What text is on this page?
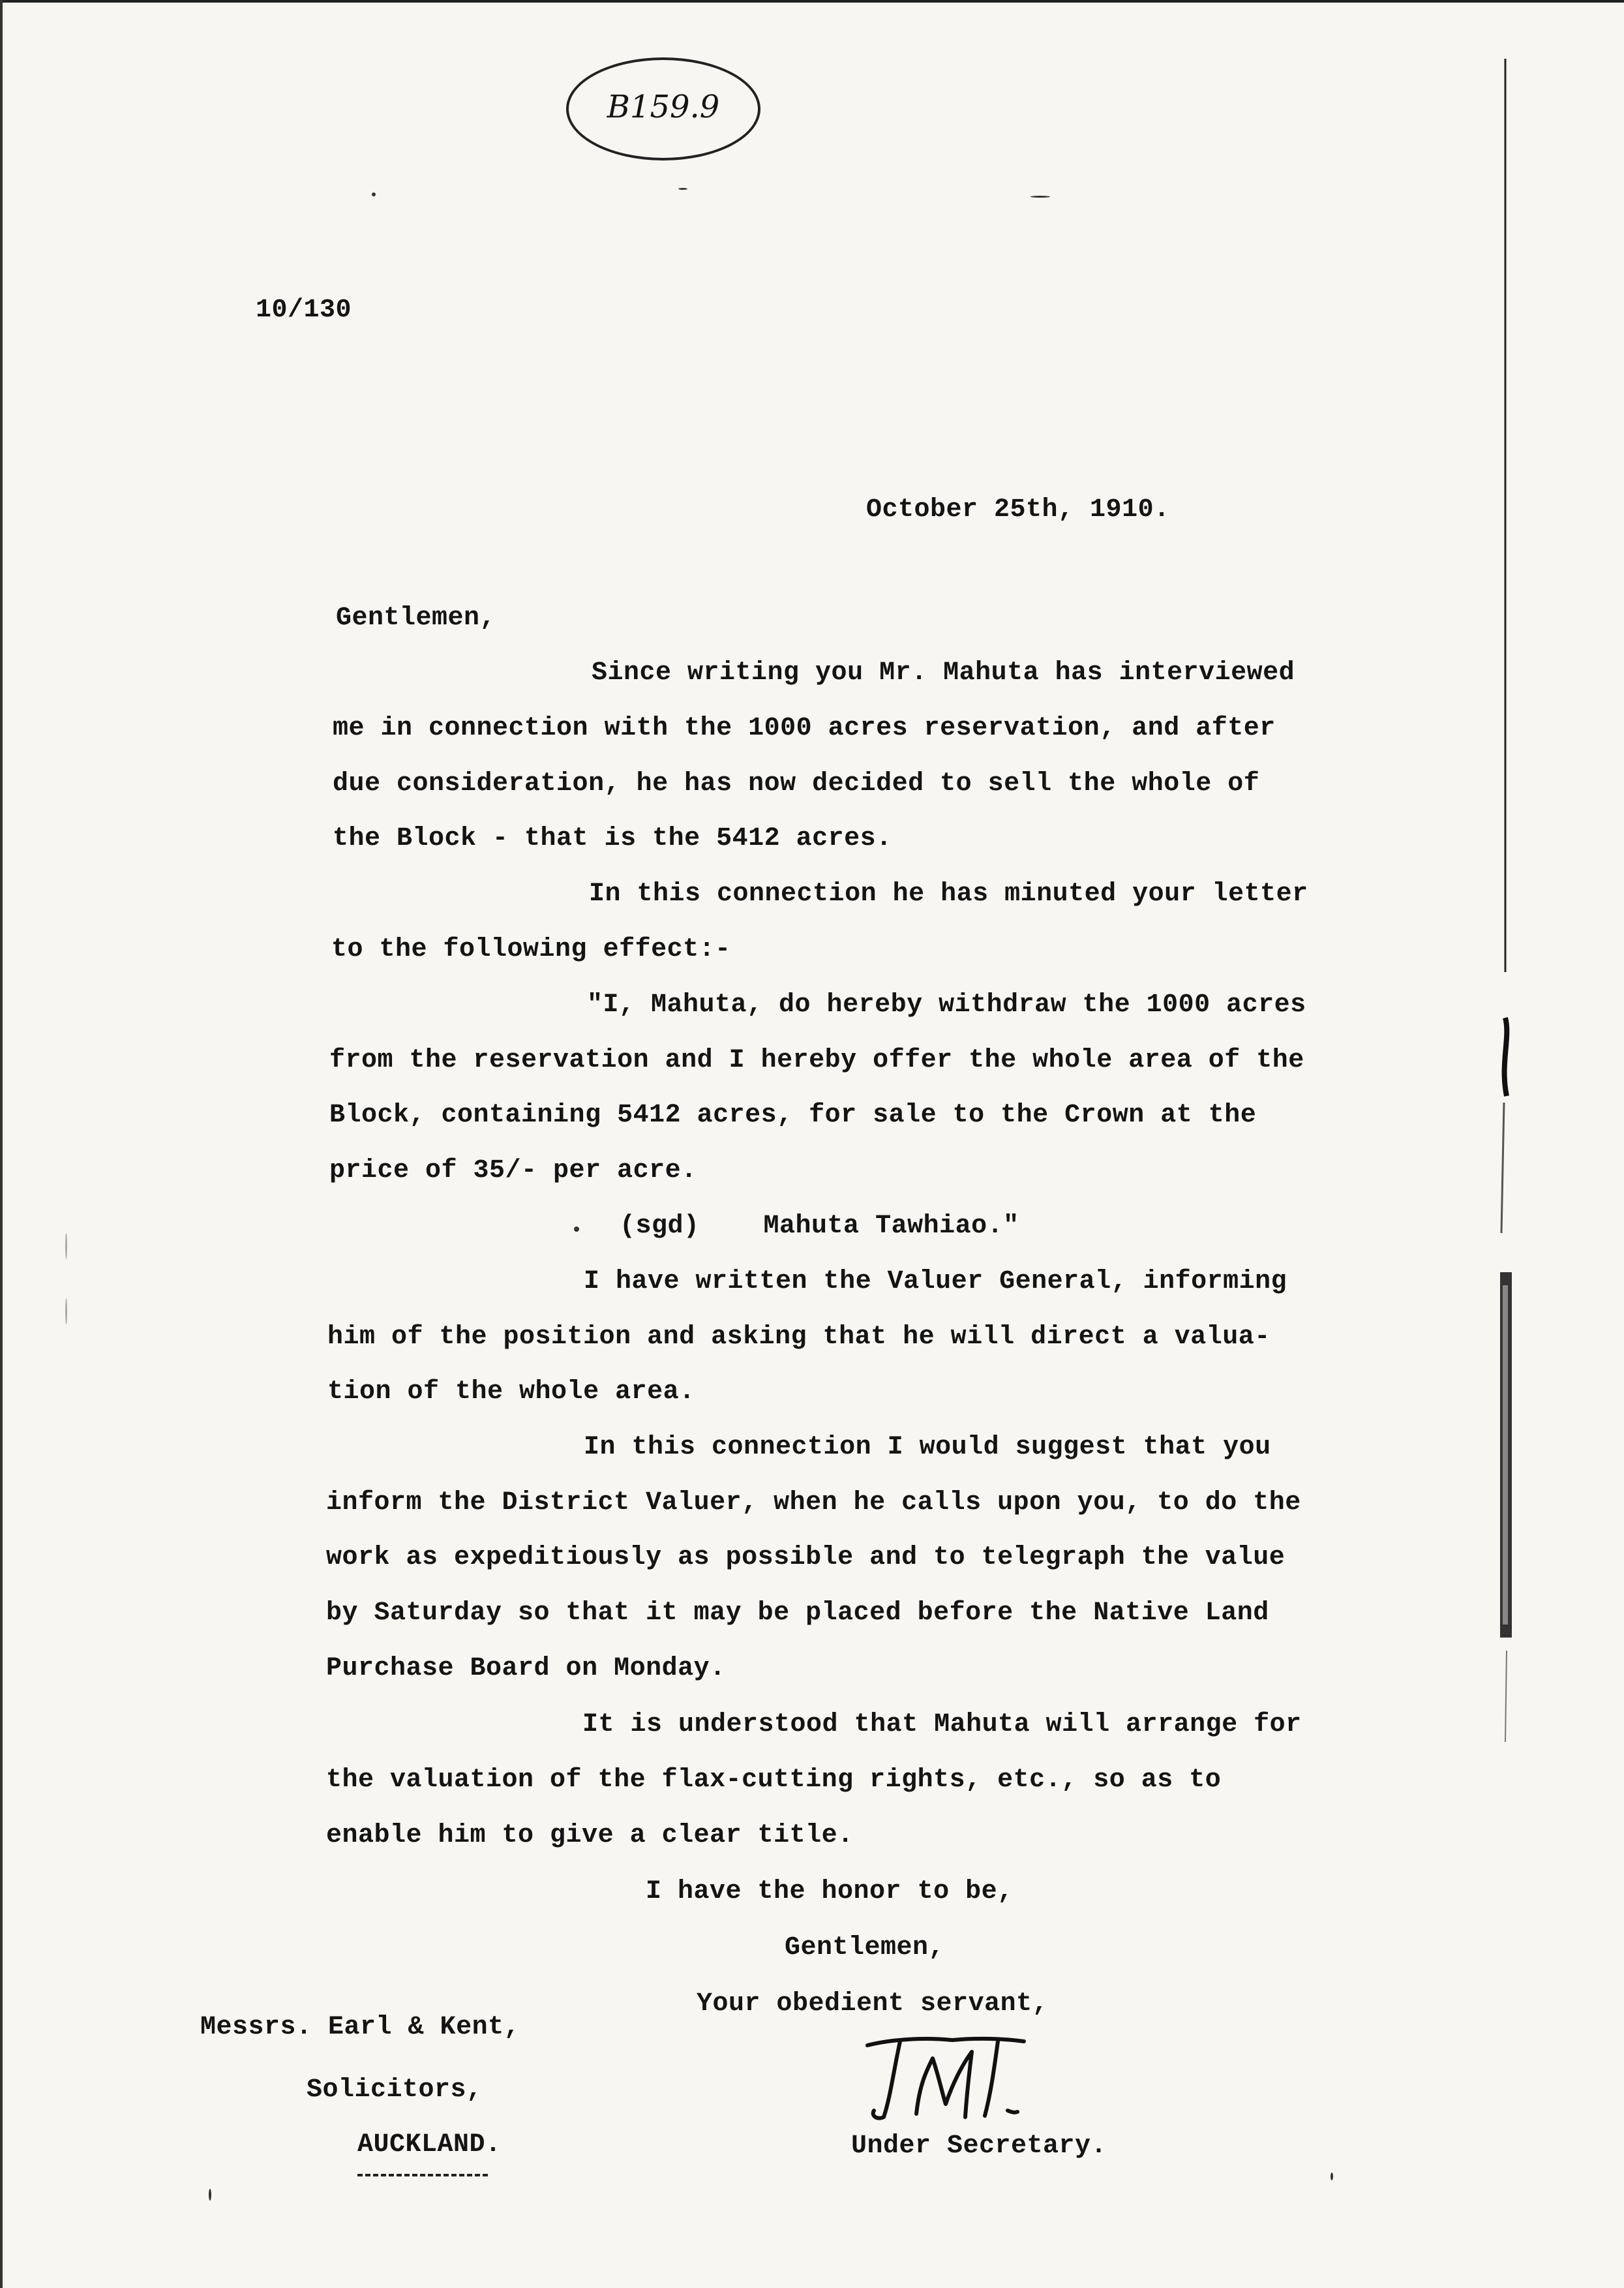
B159.9
10/130
October 25th, 1910.
Gentlemen,
Since writing you Mr. Mahuta has interviewed
me in connection with the 1000 acres reservation, and after
due consideration, he has now decided to sell the whole of
the Block - that is the 5412 acres.
In this connection he has minuted your letter
to the following effect:-
"I, Mahuta, do hereby withdraw the 1000 acres
from the reservation and I hereby offer the whole area of the
Block, containing 5412 acres, for sale to the Crown at the
price of 35/- per acre.
(sgd)    Mahuta Tawhiao."
I have written the Valuer General, informing
him of the position and asking that he will direct a valua-
tion of the whole area.
In this connection I would suggest that you
inform the District Valuer, when he calls upon you, to do the
work as expeditiously as possible and to telegraph the value
by Saturday so that it may be placed before the Native Land
Purchase Board on Monday.
It is understood that Mahuta will arrange for
the valuation of the flax-cutting rights, etc., so as to
enable him to give a clear title.
I have the honor to be,
Gentlemen,
Your obedient servant,
Messrs. Earl & Kent,
Solicitors,
AUCKLAND.	Under Secretary.
